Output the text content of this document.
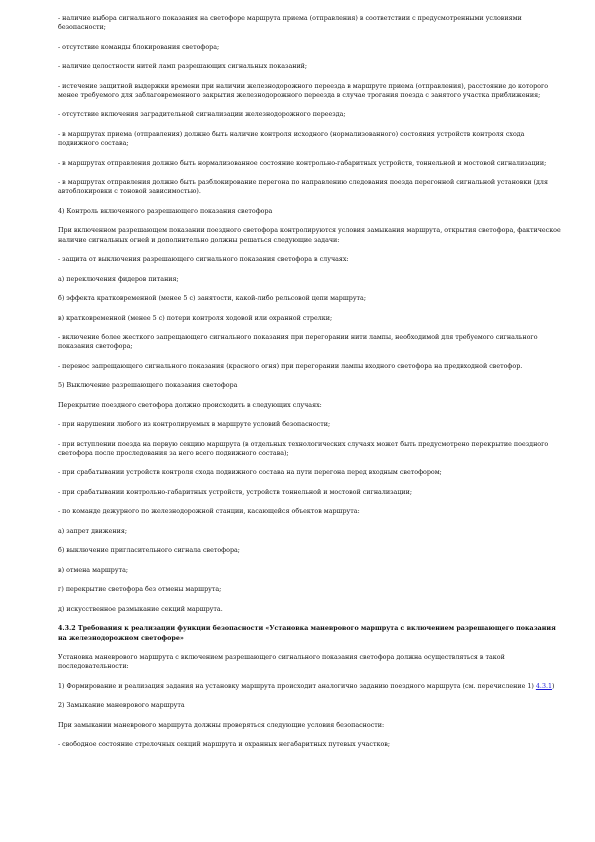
- наличие выбора сигнального показания на светофоре маршрута приема (отправления) в соответствии с предусмотренными условиями безопасности;

- отсутствие команды блокирования светофора;

- наличие целостности нитей ламп разрешающих сигнальных показаний;

- истечение защитной выдержки времени при наличии железнодорожного переезда в маршруте приема (отправления), расстояние до которого менее требуемого для заблаговременного закрытия железнодорожного переезда в случае трогания поезда с занятого участка приближения;

- отсутствие включения заградительной сигнализации железнодорожного переезда;

- в маршрутах приема (отправления) должно быть наличие контроля исходного (нормализованного) состояния устройств контроля схода подвижного состава;

- в маршрутах отправления должно быть нормализованное состояние контрольно-габаритных устройств, тоннельной и мостовой сигнализации;

- в маршрутах отправления должно быть разблокирование перегона по направлению следования поезда перегонной сигнальной установки (для автоблокировки с тоновой зависимостью).

4) Контроль включенного разрешающего показания светофора

При включенном разрешающем показании поездного светофора контролируются условия замыкания маршрута, открытия светофора, фактическое наличие сигнальных огней и дополнительно должны решаться следующие задачи:

- защита от выключения разрешающего сигнального показания светофора в случаях:

а) переключения фидеров питания;

б) эффекта кратковременной (менее 5 с) занятости, какой-либо рельсовой цепи маршрута;

в) кратковременной (менее 5 с) потери контроля ходовой или охранной стрелки;

- включение более жесткого запрещающего сигнального показания при перегорании нити лампы, необходимой для требуемого сигнального показания светофора;

- перенос запрещающего сигнального показания (красного огня) при перегорании лампы входного светофора на предвходной светофор.

5) Выключение разрешающего показания светофора

Перекрытие поездного светофора должно происходить в следующих случаях:

- при нарушении любого из контролируемых в маршруте условий безопасности;

- при вступлении поезда на первую секцию маршрута (в отдельных технологических случаях может быть предусмотрено перекрытие поездного светофора после проследования за него всего подвижного состава);

- при срабатывании устройств контроля схода подвижного состава на пути перегона перед входным светофором;

- при срабатывании контрольно-габаритных устройств, устройств тоннельной и мостовой сигнализации;

- по команде дежурного по железнодорожной станции, касающейся объектов маршрута:

а) запрет движения;

б) выключение пригласительного сигнала светофора;

в) отмена маршрута;

г) перекрытие светофора без отмены маршрута;

д) искусственное размыкание секций маршрута.

4.3.2 Требования к реализации функции безопасности «Установка маневрового маршрута с включением разрешающего показания на железнодорожном светофоре»

Установка маневрового маршрута с включением разрешающего сигнального показания светофора должна осуществляться в такой последовательности:

1) Формирование и реализация задания на установку маршрута происходит аналогично заданию поездного маршрута (см. перечисление 1) 4.3.1)

2) Замыкание маневрового маршрута

При замыкании маневрового маршрута должны проверяться следующие условия безопасности:

- свободное состояние стрелочных секций маршрута и охранных негабаритных путевых участков;
